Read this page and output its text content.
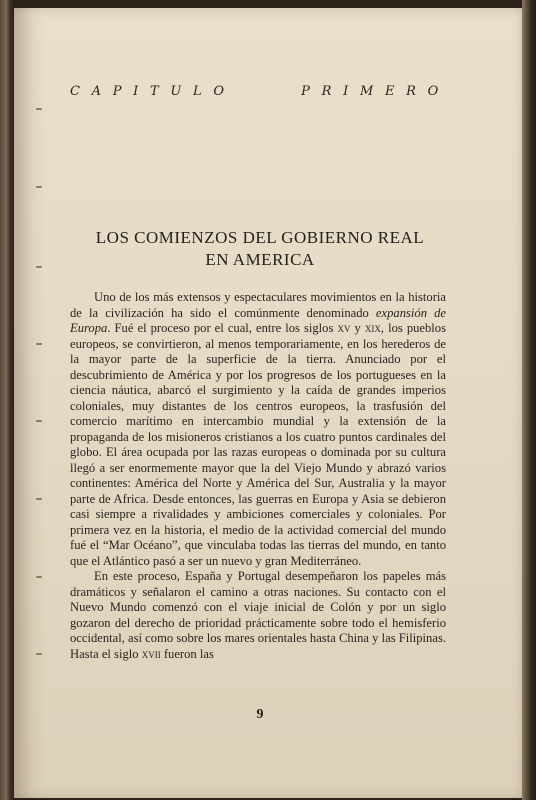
CAPITULO	PRIMERO
LOS COMIENZOS DEL GOBIERNO REAL
EN AMERICA

Uno de los más extensos y espectaculares movimientos en la historia de la civilización ha sido el comúnmente denominado expansión de Europa. Fué el proceso por el cual, entre los siglos xv y xix, los pueblos europeos, se convirtieron, al menos temporariamente, en los herederos de la mayor parte de la superficie de la tierra. Anunciado por el descubrimiento de América y por los progresos de los portugueses en la ciencia náutica, abarcó el surgimiento y la caída de grandes imperios coloniales, muy distantes de los centros europeos, la trasfusión del comercio marítimo en intercambio mundial y la extensión de la propaganda de los misioneros cristianos a los cuatro puntos cardinales del globo. El área ocupada por las razas europeas o dominada por su cultura llegó a ser enormemente mayor que la del Viejo Mundo y abrazó varios continentes: América del Norte y América del Sur, Australia y la mayor parte de Africa. Desde entonces, las guerras en Europa y Asia se debieron casi siempre a rivalidades y ambiciones comerciales y coloniales. Por primera vez en la historia, el medio de la actividad comercial del mundo fué el “Mar Océano”, que vinculaba todas las tierras del mundo, en tanto que el Atlántico pasó a ser un nuevo y gran Mediterráneo.

En este proceso, España y Portugal desempeñaron los papeles más dramáticos y señalaron el camino a otras naciones. Su contacto con el Nuevo Mundo comenzó con el viaje inicial de Colón y por un siglo gozaron del derecho de prioridad prácticamente sobre todo el hemisferio occidental, así como sobre los mares orientales hasta China y las Filipinas. Hasta el siglo xvii fueron las

9
